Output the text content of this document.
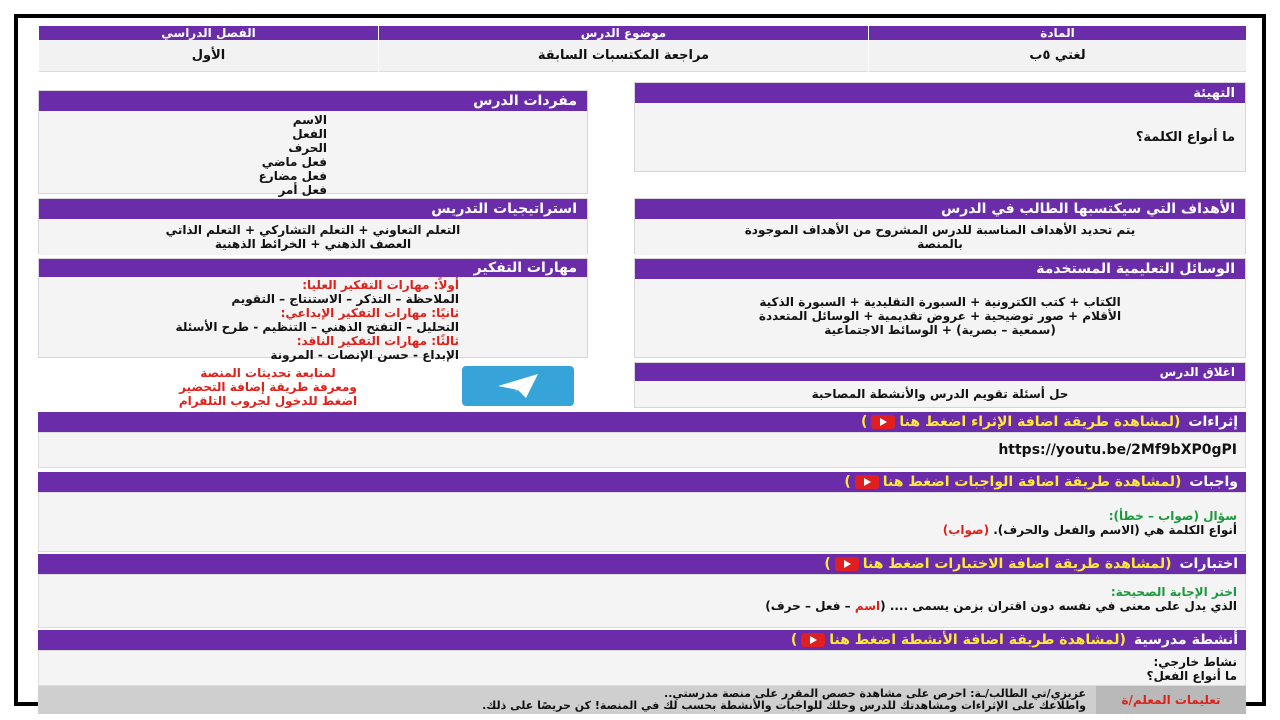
الفصل الدراسي
الأول
موضوع الدرس
مراجعة المكتسبات السابقة
المادة
لغتي ٥ب
التهيئة
ما أنواع الكلمة؟
الأهداف التي سيكتسبها الطالب في الدرس
يتم تحديد الأهداف المناسبة للدرس المشروح من الأهداف الموجودة
بالمنصة
الوسائل التعليمية المستخدمة
الكتاب + كتب الكترونية + السبورة التقليدية + السبورة الذكية
الأقلام + صور توضيحية + عروض تقديمية + الوسائل المتعددة
(سمعية – بصرية) + الوسائط الاجتماعية
اغلاق الدرس
حل أسئلة تقويم الدرس والأنشطة المصاحبة
مفردات الدرس
الاسم
الفعل
الحرف
فعل ماضي
فعل مضارع
فعل أمر
استراتيجيات التدريس
التعلم التعاوني + التعلم التشاركي + التعلم الذاتي
العصف الذهني + الخرائط الذهنية
مهارات التفكير
أولاً: مهارات التفكير العليا:
الملاحظة – التذكر – الاستنتاج – التقويم
ثانيًا: مهارات التفكير الإبداعي:
التحليل – التفتح الذهني – التنظيم - طرح الأسئلة
ثالثًا: مهارات التفكير الناقد:
الإبداع - حسن الإنصات - المرونة
لمتابعة تحديثات المنصة
ومعرفة طريقة إضافة التحضير
اضغط للدخول لجروب التلقرام
إثراءات
(لمشاهدة طريقة اضافة الإثراء اضغط هنا)
https://youtu.be/2Mf9bXP0gPI
واجبات
(لمشاهدة طريقة اضافة الواجبات اضغط هنا)
سؤال (صواب – خطأ):
أنواع الكلمة هي (الاسم والفعل والحرف). (صواب)
اختبارات
(لمشاهدة طريقة اضافة الاختبارات اضغط هنا)
اختر الإجابة الصحيحة:
الذي يدل على معنى في نفسه دون اقتران بزمن يسمى .... (اسم – فعل – حرف)
أنشطة مدرسية
(لمشاهدة طريقة اضافة الأنشطة اضغط هنا)
نشاط خارجي:
ما أنواع الفعل؟
تعليمات المعلم/ة
عزيزي/تي الطالب/ـة: احرص على مشاهدة حصص المقرر على منصة مدرستي..
واطلاعك على الإثراءات ومشاهدتك للدرس وحلك للواجبات والأنشطة بحسب لك في المنصة! كن حريصًا على ذلك.
